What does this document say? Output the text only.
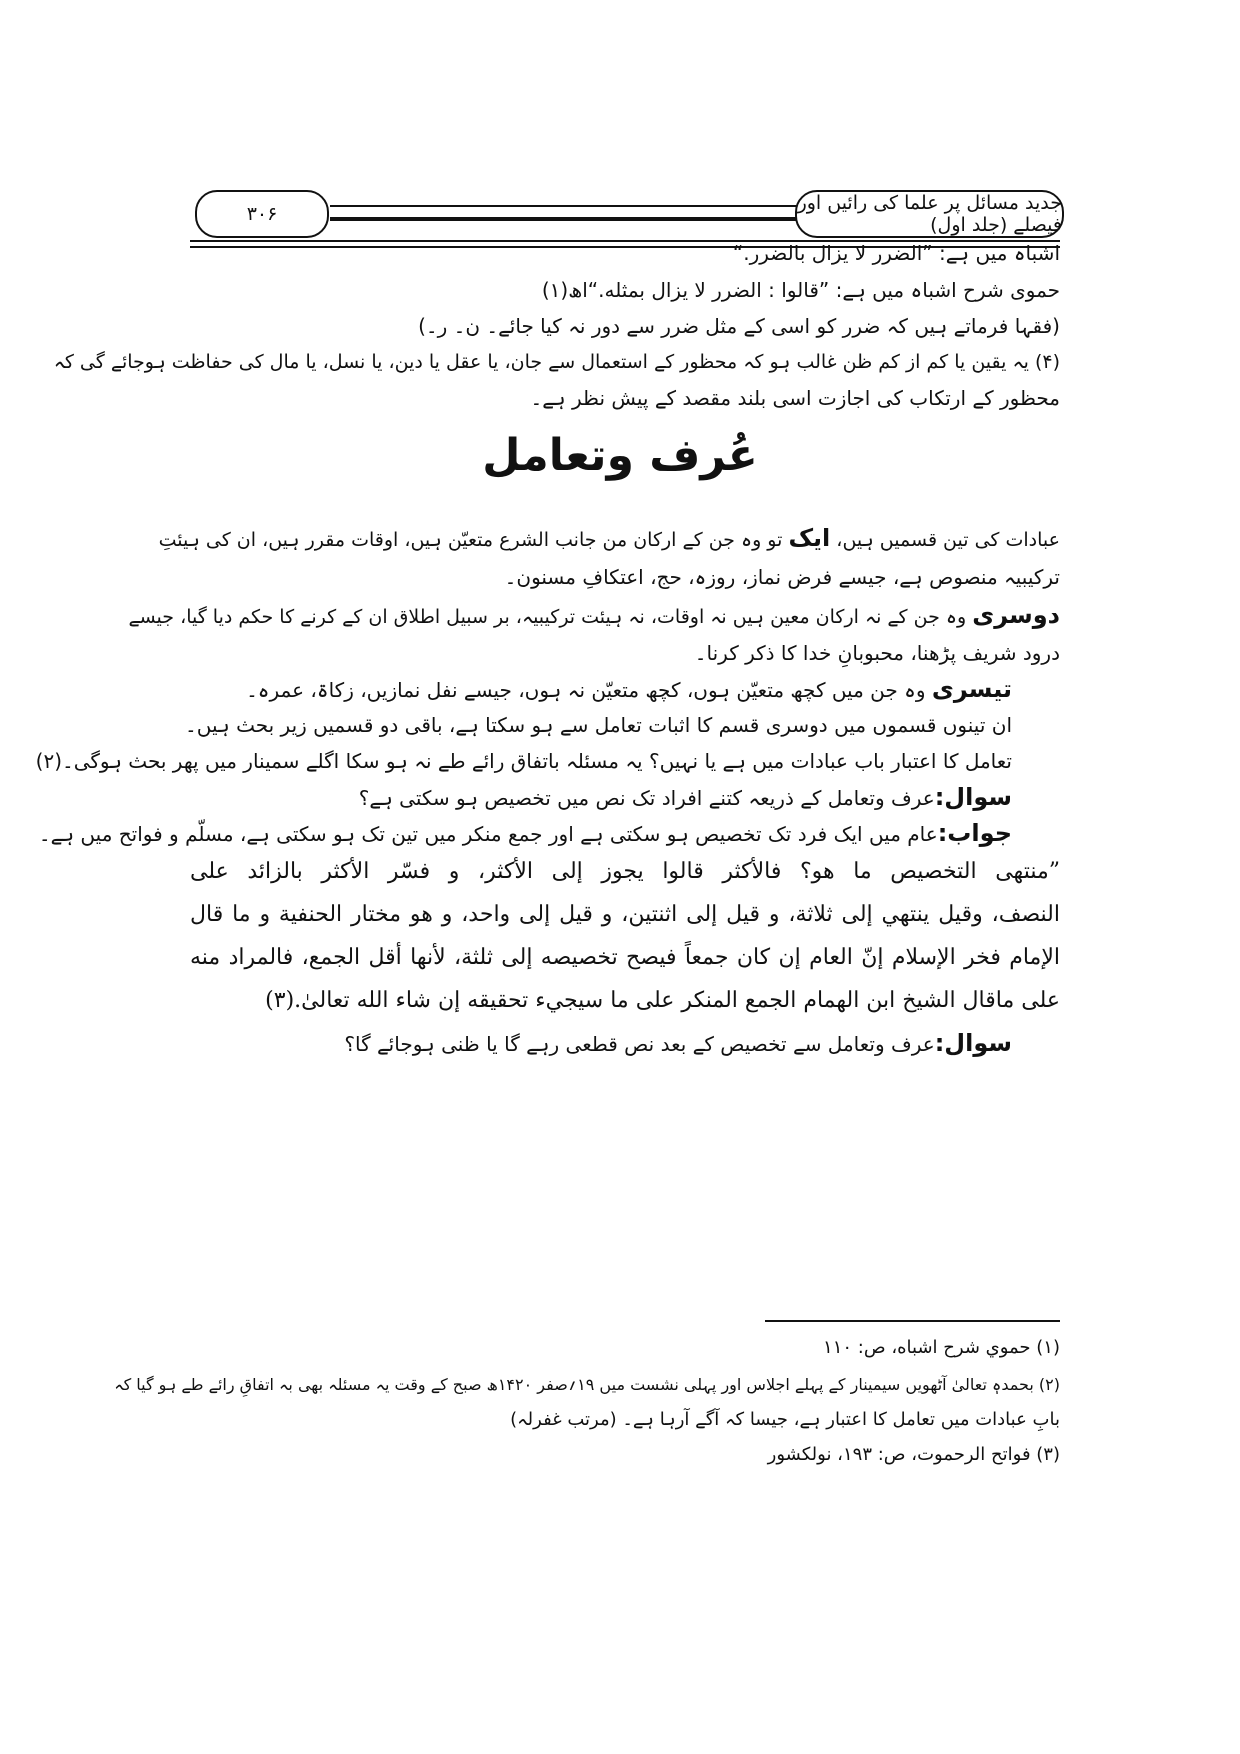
۳۰۶	جدید مسائل پر علما کی رائیں اور فیصلے (جلد اول)
اشباہ میں ہے: ”الضرر لا یزال بالضرر.“
حموی شرح اشباہ میں ہے: ”قالوا : الضرر لا یزال بمثله.“اھ(۱)
(فقہا فرماتے ہیں کہ ضرر کو اسی کے مثل ضرر سے دور نہ کیا جائے۔ ن۔ ر۔)
(۴) یہ یقین یا کم از کم ظن غالب ہو کہ محظور کے استعمال سے جان، یا عقل یا دین، یا نسل، یا مال کی حفاظت ہوجائے گی کہ
محظور کے ارتکاب کی اجازت اسی بلند مقصد کے پیش نظر ہے۔
عُرف وتعامل
عبادات کی تین قسمیں ہیں، ایک تو وہ جن کے ارکان من جانب الشرع متعیّن ہیں، اوقات مقرر ہیں، ان کی ہیئتِ
ترکیبیہ منصوص ہے، جیسے فرض نماز، روزہ، حج، اعتکافِ مسنون۔
دوسری وہ جن کے نہ ارکان معین ہیں نہ اوقات، نہ ہیئت ترکیبیہ، بر سبیل اطلاق ان کے کرنے کا حکم دیا گیا، جیسے
درود شریف پڑھنا، محبوبانِ خدا کا ذکر کرنا۔
تیسری وہ جن میں کچھ متعیّن ہوں، کچھ متعیّن نہ ہوں، جیسے نفل نمازیں، زکاۃ، عمرہ۔
ان تینوں قسموں میں دوسری قسم کا اثبات تعامل سے ہو سکتا ہے، باقی دو قسمیں زیر بحث ہیں۔
تعامل کا اعتبار باب عبادات میں ہے یا نہیں؟ یہ مسئلہ باتفاق رائے طے نہ ہو سکا اگلے سمینار میں پھر بحث ہوگی۔(۲)
سوال:عرف وتعامل کے ذریعہ کتنے افراد تک نص میں تخصیص ہو سکتی ہے؟
جواب:عام میں ایک فرد تک تخصیص ہو سکتی ہے اور جمع منکر میں تین تک ہو سکتی ہے، مسلّم و فواتح میں ہے۔
”منتهى التخصيص ما هو؟ فالأكثر قالوا يجوز إلى الأكثر، و فسّر الأكثر بالزائد على
النصف، وقيل ينتهي إلى ثلاثة، و قيل إلى اثنتين، و قيل إلى واحد، و هو مختار الحنفية و ما قال
الإمام فخر الإسلام إنّ العام إن كان جمعاً فيصح تخصيصه إلى ثلثة، لأنها أقل الجمع، فالمراد منه
على ماقال الشيخ ابن الهمام الجمع المنكر على ما سيجيء تحقيقه إن شاء الله تعالىٰ.(۳)
سوال:عرف وتعامل سے تخصیص کے بعد نص قطعی رہے گا یا ظنی ہوجائے گا؟
(۱) حموي شرح اشباه، ص: ۱۱۰
(۲) بحمدہٖ تعالیٰ آٹھویں سیمینار کے پہلے اجلاس اور پہلی نشست میں ۱۹؍صفر ۱۴۲۰ھ صبح کے وقت یہ مسئلہ بھی بہ اتفاقِ رائے طے ہو گیا کہ
بابِ عبادات میں تعامل کا اعتبار ہے، جیسا کہ آگے آرہا ہے۔ (مرتب غفرلہ)
(۳) فواتح الرحموت، ص: ۱۹۳، نولکشور
